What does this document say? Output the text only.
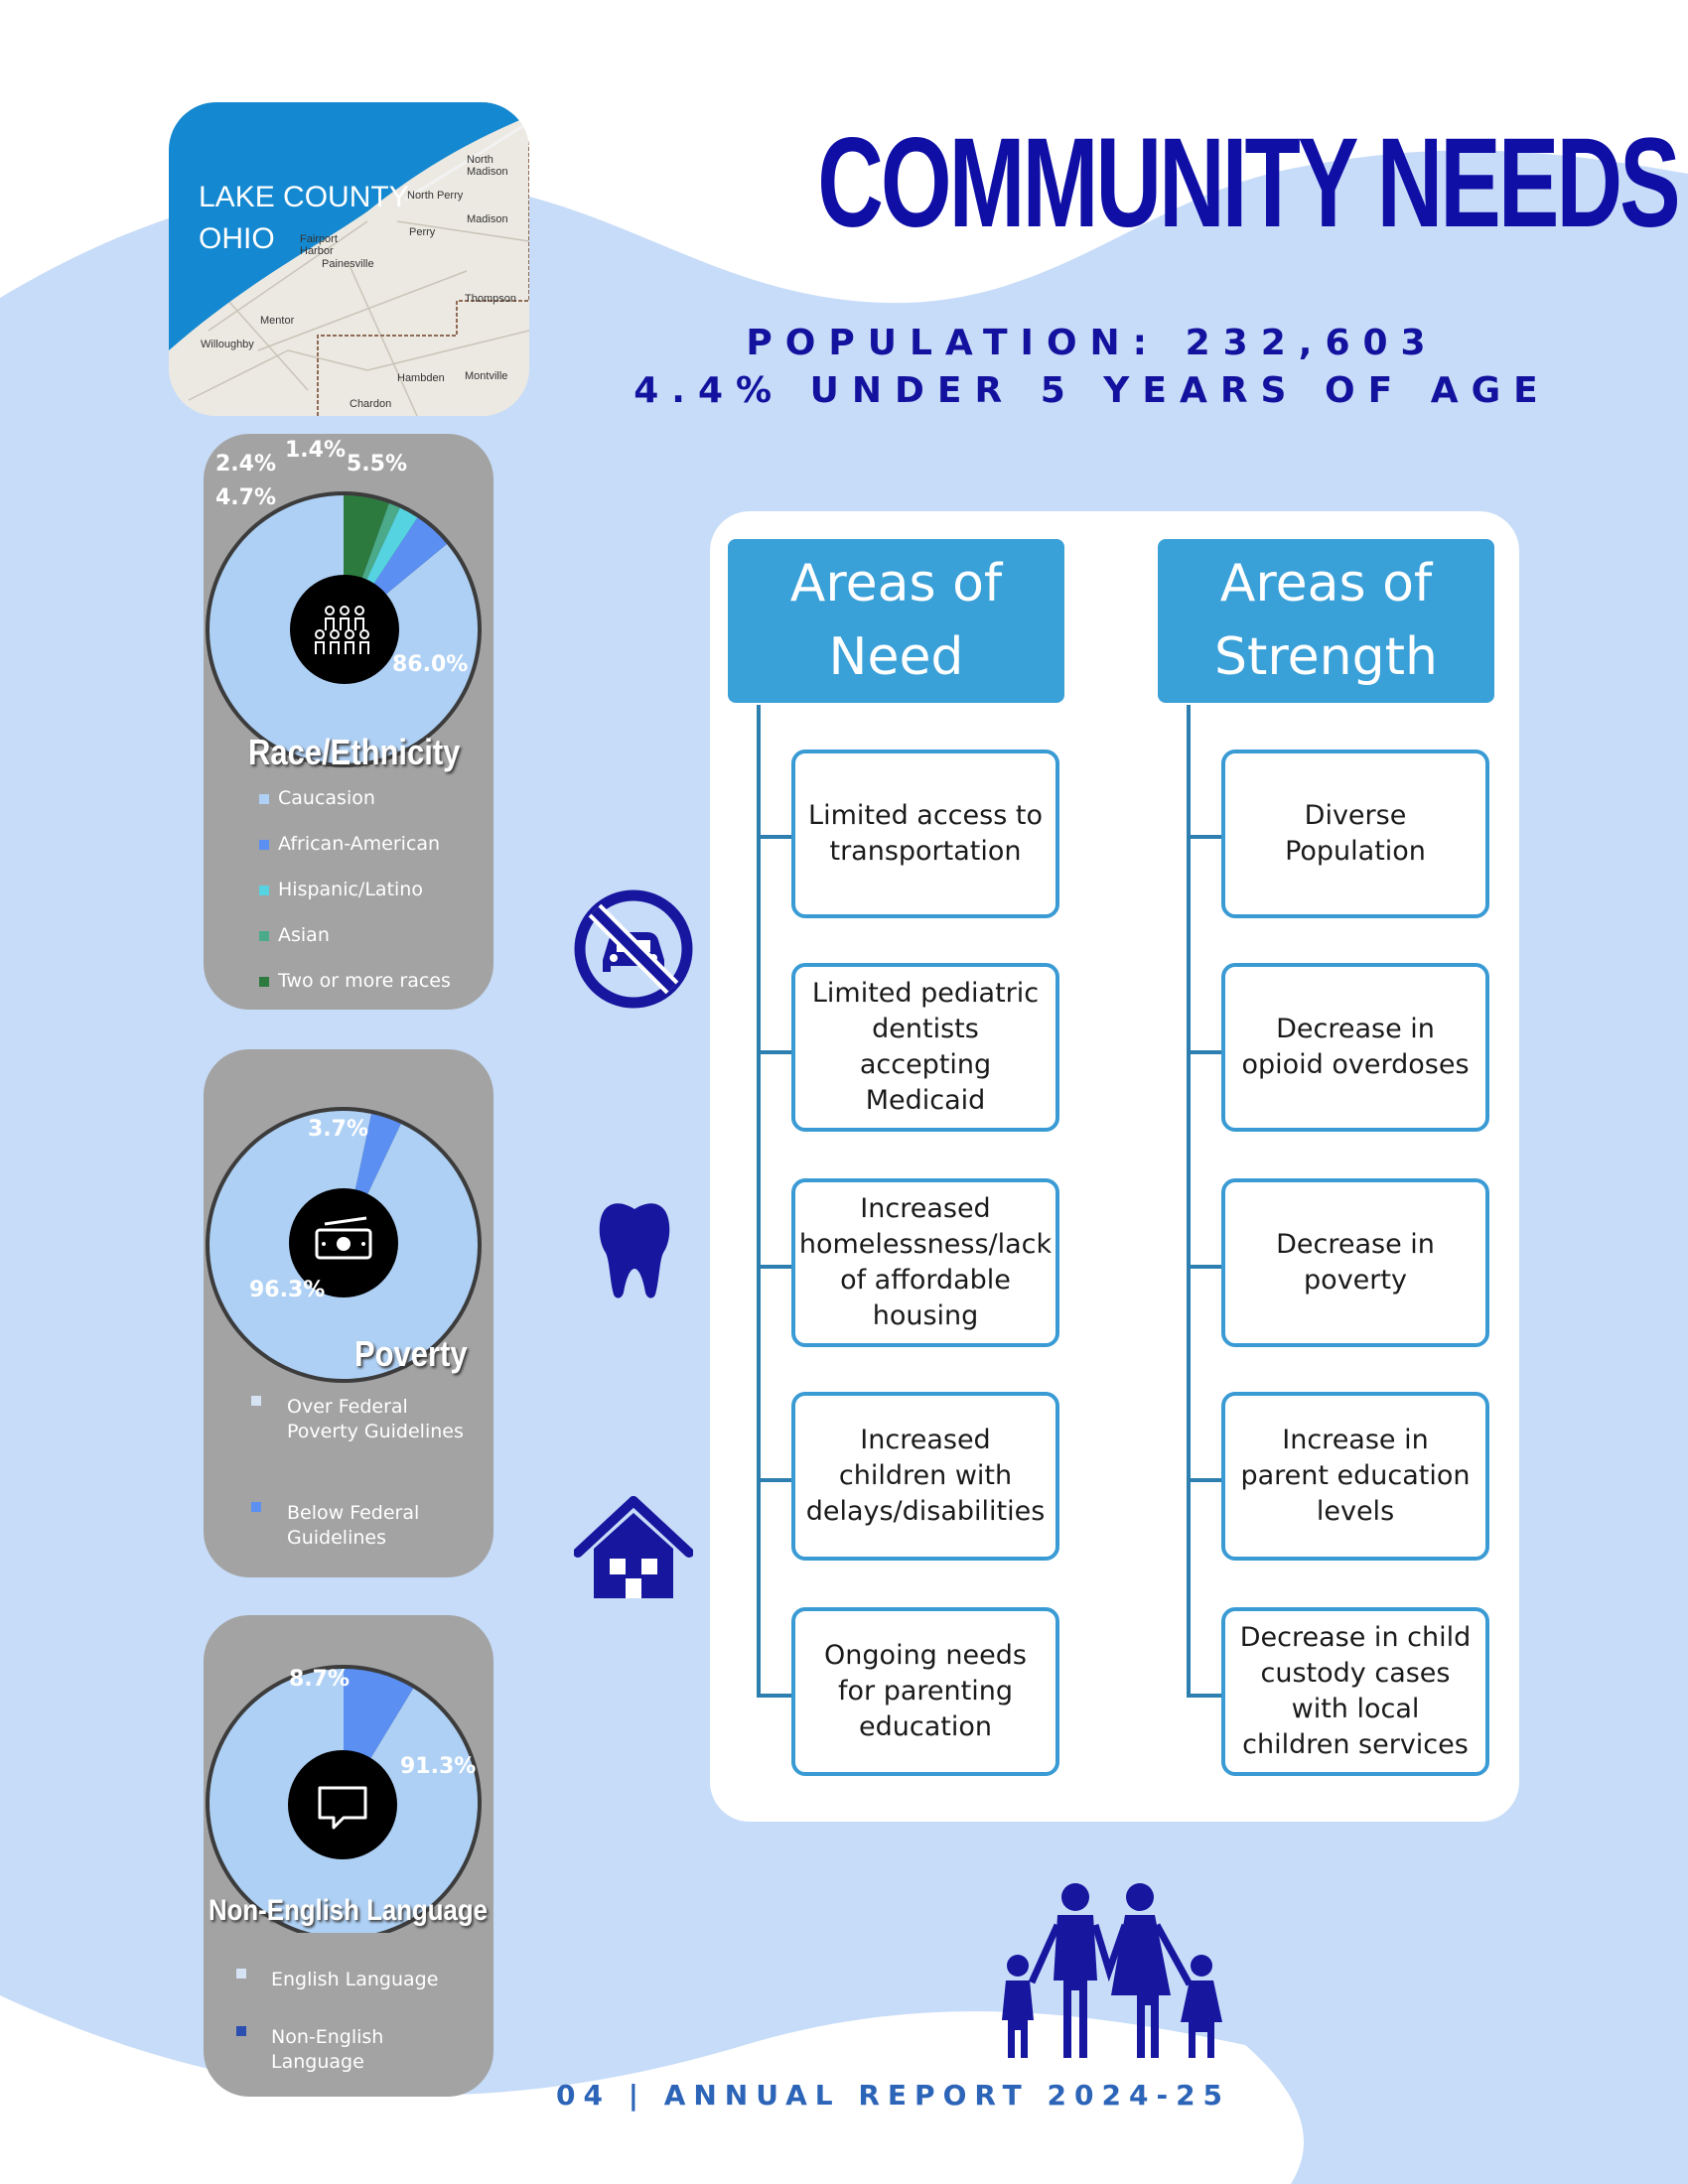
COMMUNITY NEEDS
POPULATION: 232,603
4.4% UNDER 5 YEARS OF AGE
LAKE COUNTY
OHIO
North Madison
North Perry
Madison
Perry
Fairport Harbor
Painesville
Thompson
Mentor
Willoughby
Hambden Montville
Chardon
2.4%
1.4%
5.5%
4.7%
86.0%
Race/Ethnicity
Caucasion
African-American
Hispanic/Latino
Asian
Two or more races
3.7%
96.3%
Poverty
Over Federal Poverty Guidelines
Below Federal Guidelines
8.7%
91.3%
Non-English Language
English Language
Non-English Language
Areas of
Need
Areas of
Strength
Limited access to transportation
Limited pediatric dentists accepting Medicaid
Increased homelessness/lack of affordable housing
Increased children with delays/disabilities
Ongoing needs for parenting education
Diverse Population
Decrease in opioid overdoses
Decrease in poverty
Increase in parent education levels
Decrease in child custody cases with local children services
04 | ANNUAL REPORT 2024-25
